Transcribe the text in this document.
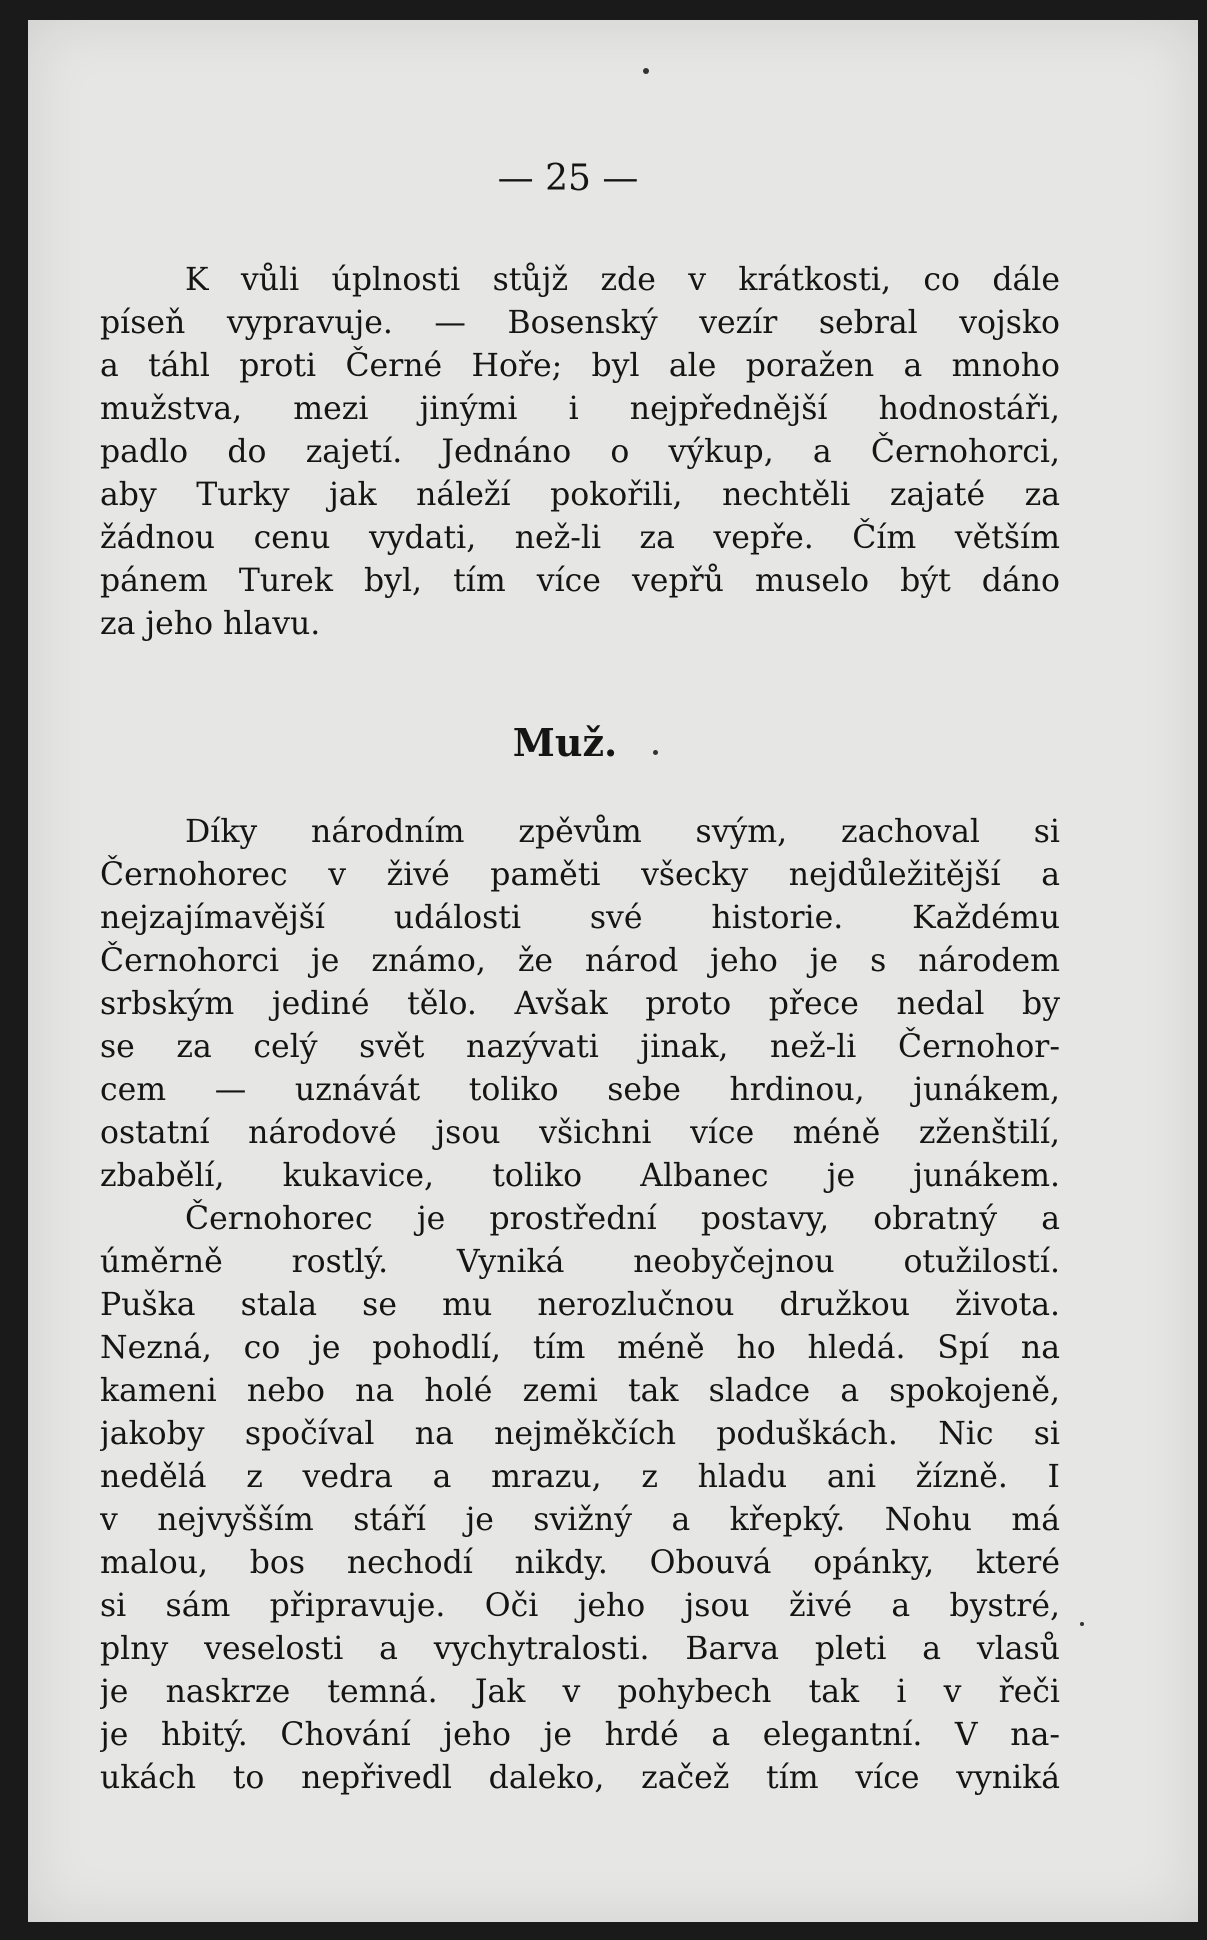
— 25 —
K vůli úplnosti stůjž zde v krátkosti, co dále
píseň vypravuje. — Bosenský vezír sebral vojsko
a táhl proti Černé Hoře; byl ale poražen a mnoho
mužstva, mezi jinými i nejpřednější hodnostáři,
padlo do zajetí. Jednáno o výkup, a Černohorci,
aby Turky jak náleží pokořili, nechtěli zajaté za
žádnou cenu vydati, než-li za vepře. Čím větším
pánem Turek byl, tím více vepřů muselo být dáno
za jeho hlavu.
Muž.
Díky národním zpěvům svým, zachoval si
Černohorec v živé paměti všecky nejdůležitější a
nejzajímavější události své historie. Každému
Černohorci je známo, že národ jeho je s národem
srbským jediné tělo. Avšak proto přece nedal by
se za celý svět nazývati jinak, než-li Černohor-
cem — uznávát toliko sebe hrdinou, junákem,
ostatní národové jsou všichni více méně zženštilí,
zbabělí, kukavice, toliko Albanec je junákem.
Černohorec je prostřední postavy, obratný a
úměrně rostlý. Vyniká neobyčejnou otužilostí.
Puška stala se mu nerozlučnou družkou života.
Nezná, co je pohodlí, tím méně ho hledá. Spí na
kameni nebo na holé zemi tak sladce a spokojeně,
jakoby spočíval na nejměkčích poduškách. Nic si
nedělá z vedra a mrazu, z hladu ani žízně. I
v nejvyšším stáří je svižný a křepký. Nohu má
malou, bos nechodí nikdy. Obouvá opánky, které
si sám připravuje. Oči jeho jsou živé a bystré,
plny veselosti a vychytralosti. Barva pleti a vlasů
je naskrze temná. Jak v pohybech tak i v řeči
je hbitý. Chování jeho je hrdé a elegantní. V na-
ukách to nepřivedl daleko, začež tím více vyniká
